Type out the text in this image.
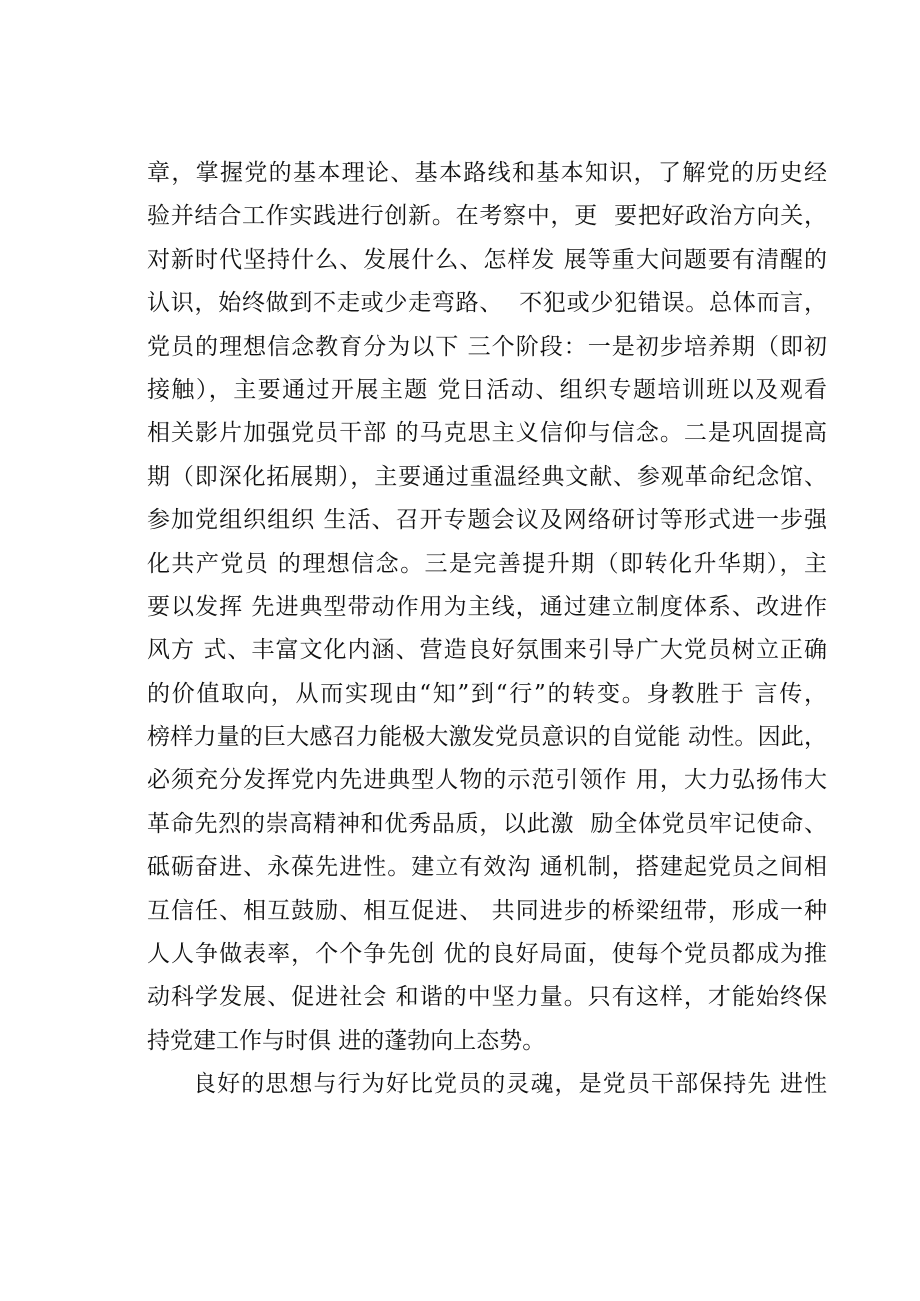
章，掌握党的基本理论、基本路线和基本知识，了解党的历史经
验并结合工作实践进行创新。在考察中，更  要把好政治方向关，
对新时代坚持什么、发展什么、怎样发 展等重大问题要有清醒的
认识，始终做到不走或少走弯路、  不犯或少犯错误。总体而言，
党员的理想信念教育分为以下 三个阶段：一是初步培养期（即初
接触），主要通过开展主题 党日活动、组织专题培训班以及观看
相关影片加强党员干部 的马克思主义信仰与信念。二是巩固提高
期（即深化拓展期），主要通过重温经典文献、参观革命纪念馆、
参加党组织组织 生活、召开专题会议及网络研讨等形式进一步强
化共产党员 的理想信念。三是完善提升期（即转化升华期），主
要以发挥 先进典型带动作用为主线，通过建立制度体系、改进作
风方 式、丰富文化内涵、营造良好氛围来引导广大党员树立正确
的价值取向，从而实现由“知”到“行”的转变。身教胜于 言传，
榜样力量的巨大感召力能极大激发党员意识的自觉能 动性。因此，
必须充分发挥党内先进典型人物的示范引领作 用，大力弘扬伟大
革命先烈的崇高精神和优秀品质，以此激  励全体党员牢记使命、
砥砺奋进、永葆先进性。建立有效沟 通机制，搭建起党员之间相
互信任、相互鼓励、相互促进、 共同进步的桥梁纽带，形成一种
人人争做表率，个个争先创 优的良好局面，使每个党员都成为推
动科学发展、促进社会 和谐的中坚力量。只有这样，才能始终保
持党建工作与时俱 进的蓬勃向上态势。
良好的思想与行为好比党员的灵魂，是党员干部保持先 进性
